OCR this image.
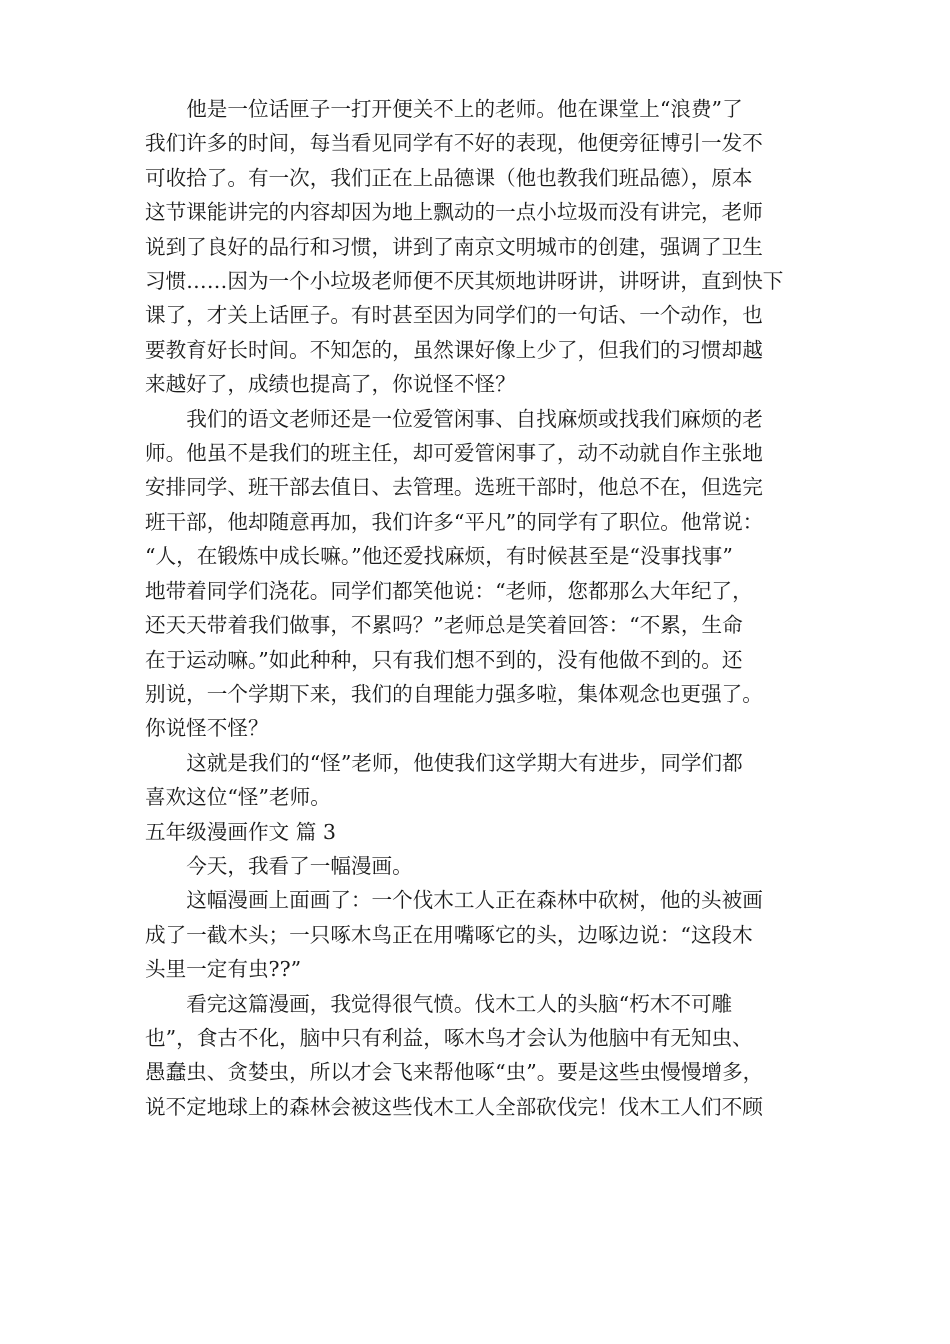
他是一位话匣子一打开便关不上的老师。他在课堂上“浪费”了
我们许多的时间，每当看见同学有不好的表现，他便旁征博引一发不
可收拾了。有一次，我们正在上品德课（他也教我们班品德），原本
这节课能讲完的内容却因为地上飘动的一点小垃圾而没有讲完，老师
说到了良好的品行和习惯，讲到了南京文明城市的创建，强调了卫生
习惯……因为一个小垃圾老师便不厌其烦地讲呀讲，讲呀讲，直到快下
课了，才关上话匣子。有时甚至因为同学们的一句话、一个动作，也
要教育好长时间。不知怎的，虽然课好像上少了，但我们的习惯却越
来越好了，成绩也提高了，你说怪不怪？
我们的语文老师还是一位爱管闲事、自找麻烦或找我们麻烦的老
师。他虽不是我们的班主任，却可爱管闲事了，动不动就自作主张地
安排同学、班干部去值日、去管理。选班干部时，他总不在，但选完
班干部，他却随意再加，我们许多“平凡”的同学有了职位。他常说：
“人，在锻炼中成长嘛。”他还爱找麻烦，有时候甚至是“没事找事”
地带着同学们浇花。同学们都笑他说：“老师，您都那么大年纪了，
还天天带着我们做事，不累吗？”老师总是笑着回答：“不累，生命
在于运动嘛。”如此种种，只有我们想不到的，没有他做不到的。还
别说，一个学期下来，我们的自理能力强多啦，集体观念也更强了。
你说怪不怪？
这就是我们的“怪”老师，他使我们这学期大有进步，同学们都
喜欢这位“怪”老师。
五年级漫画作文 篇 3
今天，我看了一幅漫画。
这幅漫画上面画了：一个伐木工人正在森林中砍树，他的头被画
成了一截木头；一只啄木鸟正在用嘴啄它的头，边啄边说：“这段木
头里一定有虫??”
看完这篇漫画，我觉得很气愤。伐木工人的头脑“朽木不可雕
也”，食古不化，脑中只有利益，啄木鸟才会认为他脑中有无知虫、
愚蠢虫、贪婪虫，所以才会飞来帮他啄“虫”。要是这些虫慢慢增多，
说不定地球上的森林会被这些伐木工人全部砍伐完！伐木工人们不顾
